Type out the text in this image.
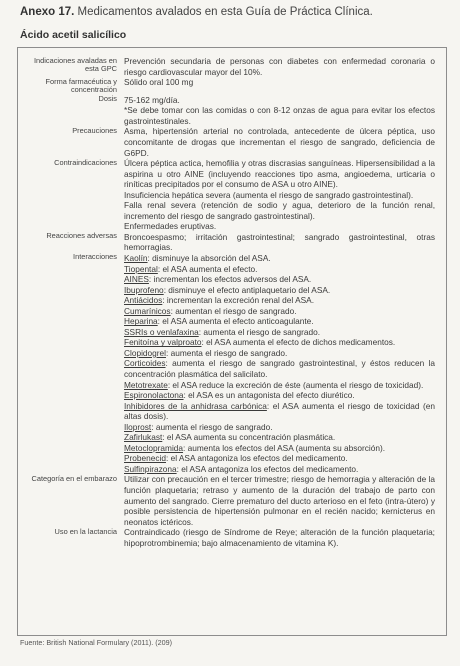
Anexo 17. Medicamentos avalados en esta Guía de Práctica Clínica.
Ácido acetil salicílico
Indicaciones avaladas en esta GPC

Prevención secundaria de personas con diabetes con enfermedad coronaria o riesgo cardiovascular mayor del 10%.

Forma farmacéutica y concentración

Sólido oral 100 mg

Dosis 75-162 mg/día.

*Se debe tomar con las comidas o con 8-12 onzas de agua para evitar los efectos gastrointestinales.

Precauciones Asma, hipertensión arterial no controlada, antecedente de úlcera péptica, uso concomitante de drogas que incrementan el riesgo de sangrado, deficiencia de G6PD.

Contraindicaciones Úlcera péptica actica, hemofilia y otras discrasias sanguíneas. Hipersensibilidad a la aspirina u otro AINE (incluyendo reacciones tipo asma, angioedema, urticaria o riníticas precipitados por el consumo de ASA u otro AINE).

Insuficiencia hepática severa (aumenta el riesgo de sangrado gastrointestinal).

Falla renal severa (retención de sodio y agua, deterioro de la función renal, incremento del riesgo de sangrado gastrointestinal).

Enfermedades eruptivas.

Reacciones adversas Broncoespasmo; irritación gastrointestinal; sangrado gastrointestinal, otras hemorragias.

Interacciones Kaolín: disminuye la absorción del ASA.

Tiopental: el ASA aumenta el efecto.

AINES: incrementan los efectos adversos del ASA.

Ibuprofeno: disminuye el efecto antiplaquetario del ASA.

Antiácidos: incrementan la excreción renal del ASA.

Cumarínicos: aumentan el riesgo de sangrado.

Heparina: el ASA aumenta el efecto anticoagulante.

SSRIs o venlafaxina: aumenta el riesgo de sangrado.

Fenitoína y valproato: el ASA aumenta el efecto de dichos medicamentos.

Clopidogrel: aumenta el riesgo de sangrado.

Corticoides: aumenta el riesgo de sangrado gastrointestinal, y éstos reducen la concentración plasmática del salicilato.

Metotrexate: el ASA reduce la excreción de éste (aumenta el riesgo de toxicidad).

Espironolactona: el ASA es un antagonista del efecto diurético.

Inhibidores de la anhidrasa carbónica: el ASA aumenta el riesgo de toxicidad (en altas dosis).

Iloprost: aumenta el riesgo de sangrado.

Zafirlukast: el ASA aumenta su concentración plasmática.

Metoclopramida: aumenta los efectos del ASA (aumenta su absorción).

Probenecid: el ASA antagoniza los efectos del medicamento.

Sulfinpirazona: el ASA antagoniza los efectos del medicamento.

Categoría en el embarazo Utilizar con precaución en el tercer trimestre; riesgo de hemorragia y alteración de la función plaquetaria; retraso y aumento de la duración del trabajo de parto con aumento del sangrado. Cierre prematuro del ducto arterioso en el feto (intra-útero) y posible persistencia de hipertensión pulmonar en el recién nacido; kernicterus en neonatos ictéricos.

Uso en la lactancia Contraindicado (riesgo de Síndrome de Reye; alteración de la función plaquetaria; hipoprotrombinemia; bajo almacenamiento de vitamina K).

Fuente: British National Formulary (2011). (209)
